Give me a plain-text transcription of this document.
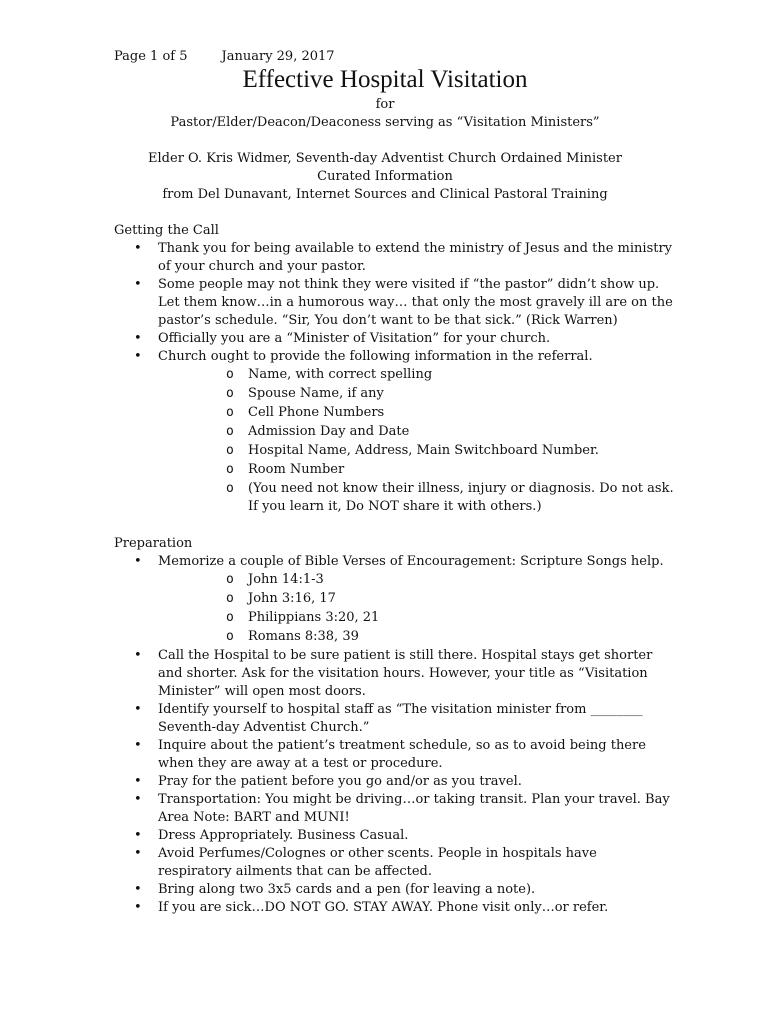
Page 1 of 5	January 29, 2017
Effective Hospital Visitation
for
Pastor/Elder/Deacon/Deaconess serving as “Visitation Ministers”
Elder O. Kris Widmer, Seventh-day Adventist Church Ordained Minister
Curated Information
from Del Dunavant, Internet Sources and Clinical Pastoral Training

Getting the Call

• Thank you for being available to extend the ministry of Jesus and the ministry of your church and your pastor.
• Some people may not think they were visited if “the pastor” didn’t show up. Let them know…in a humorous way… that only the most gravely ill are on the pastor’s schedule. “Sir, You don’t want to be that sick.” (Rick Warren)
• Officially you are a “Minister of Visitation” for your church.
• Church ought to provide the following information in the referral.
o Name, with correct spelling
o Spouse Name, if any
o Cell Phone Numbers
o Admission Day and Date
o Hospital Name, Address, Main Switchboard Number.
o Room Number
o (You need not know their illness, injury or diagnosis. Do not ask. If you learn it, Do NOT share it with others.)

Preparation

• Memorize a couple of Bible Verses of Encouragement: Scripture Songs help.
o John 14:1-3
o John 3:16, 17
o Philippians 3:20, 21
o Romans 8:38, 39
• Call the Hospital to be sure patient is still there. Hospital stays get shorter and shorter. Ask for the visitation hours. However, your title as “Visitation Minister” will open most doors.
• Identify yourself to hospital staff as “The visitation minister from ________ Seventh-day Adventist Church.”
• Inquire about the patient’s treatment schedule, so as to avoid being there when they are away at a test or procedure.
• Pray for the patient before you go and/or as you travel.
• Transportation: You might be driving…or taking transit. Plan your travel. Bay Area Note: BART and MUNI!
• Dress Appropriately. Business Casual.
• Avoid Perfumes/Colognes or other scents. People in hospitals have respiratory ailments that can be affected.
• Bring along two 3x5 cards and a pen (for leaving a note).
• If you are sick…DO NOT GO. STAY AWAY. Phone visit only…or refer.
